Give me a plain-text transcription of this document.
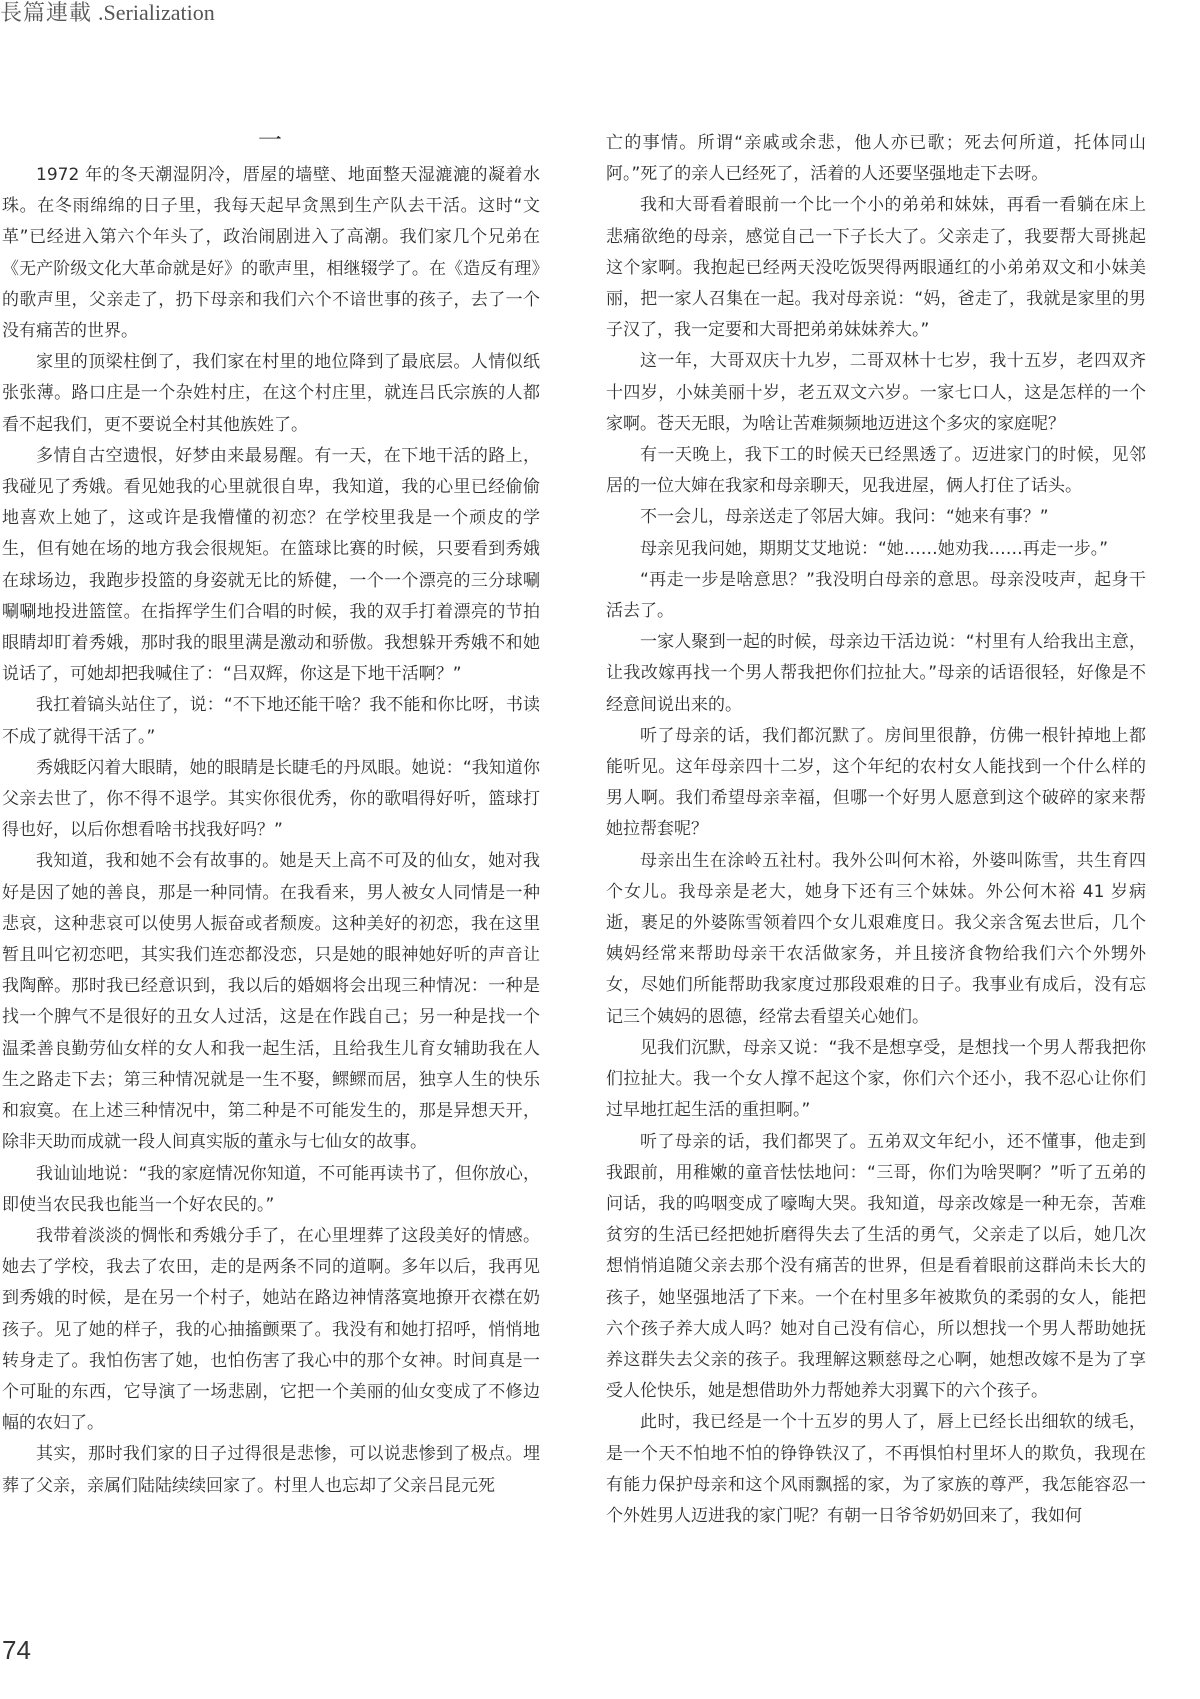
長篇連載 .Serialization
一

1972 年的冬天潮湿阴冷，厝屋的墙壁、地面整天湿漉漉的凝着水珠。在冬雨绵绵的日子里，我每天起早贪黑到生产队去干活。这时“文革”已经进入第六个年头了，政治闹剧进入了高潮。我们家几个兄弟在《无产阶级文化大革命就是好》的歌声里，相继辍学了。在《造反有理》的歌声里，父亲走了，扔下母亲和我们六个不谙世事的孩子，去了一个没有痛苦的世界。

家里的顶梁柱倒了，我们家在村里的地位降到了最底层。人情似纸张张薄。路口庄是一个杂姓村庄，在这个村庄里，就连吕氏宗族的人都看不起我们，更不要说全村其他族姓了。

多情自古空遗恨，好梦由来最易醒。有一天，在下地干活的路上，我碰见了秀娥。看见她我的心里就很自卑，我知道，我的心里已经偷偷地喜欢上她了，这或许是我懵懂的初恋？在学校里我是一个顽皮的学生，但有她在场的地方我会很规矩。在篮球比赛的时候，只要看到秀娥在球场边，我跑步投篮的身姿就无比的矫健，一个一个漂亮的三分球唰唰唰地投进篮筐。在指挥学生们合唱的时候，我的双手打着漂亮的节拍眼睛却盯着秀娥，那时我的眼里满是激动和骄傲。我想躲开秀娥不和她说话了，可她却把我喊住了：“吕双辉，你这是下地干活啊？”

我扛着镐头站住了，说：“不下地还能干啥？我不能和你比呀，书读不成了就得干活了。”

秀娥眨闪着大眼睛，她的眼睛是长睫毛的丹凤眼。她说：“我知道你父亲去世了，你不得不退学。其实你很优秀，你的歌唱得好听，篮球打得也好，以后你想看啥书找我好吗？”

我知道，我和她不会有故事的。她是天上高不可及的仙女，她对我好是因了她的善良，那是一种同情。在我看来，男人被女人同情是一种悲哀，这种悲哀可以使男人振奋或者颓废。这种美好的初恋，我在这里暂且叫它初恋吧，其实我们连恋都没恋，只是她的眼神她好听的声音让我陶醉。那时我已经意识到，我以后的婚姻将会出现三种情况：一种是找一个脾气不是很好的丑女人过活，这是在作践自己；另一种是找一个温柔善良勤劳仙女样的女人和我一起生活，且给我生儿育女辅助我在人生之路走下去；第三种情况就是一生不娶，鳏鳏而居，独享人生的快乐和寂寞。在上述三种情况中，第二种是不可能发生的，那是异想天开，除非天助而成就一段人间真实版的董永与七仙女的故事。

我讪讪地说：“我的家庭情况你知道，不可能再读书了，但你放心，即使当农民我也能当一个好农民的。”

我带着淡淡的惆怅和秀娥分手了，在心里埋葬了这段美好的情感。她去了学校，我去了农田，走的是两条不同的道啊。多年以后，我再见到秀娥的时候，是在另一个村子，她站在路边神情落寞地撩开衣襟在奶孩子。见了她的样子，我的心抽搐颤栗了。我没有和她打招呼，悄悄地转身走了。我怕伤害了她，也怕伤害了我心中的那个女神。时间真是一个可耻的东西，它导演了一场悲剧，它把一个美丽的仙女变成了不修边幅的农妇了。

其实，那时我们家的日子过得很是悲惨，可以说悲惨到了极点。埋葬了父亲，亲属们陆陆续续回家了。村里人也忘却了父亲吕昆元死

亡的事情。所谓“亲戚或余悲，他人亦已歌；死去何所道，托体同山阿。”死了的亲人已经死了，活着的人还要坚强地走下去呀。

我和大哥看着眼前一个比一个小的弟弟和妹妹，再看一看躺在床上悲痛欲绝的母亲，感觉自己一下子长大了。父亲走了，我要帮大哥挑起这个家啊。我抱起已经两天没吃饭哭得两眼通红的小弟弟双文和小妹美丽，把一家人召集在一起。我对母亲说：“妈，爸走了，我就是家里的男子汉了，我一定要和大哥把弟弟妹妹养大。”

这一年，大哥双庆十九岁，二哥双林十七岁，我十五岁，老四双齐十四岁，小妹美丽十岁，老五双文六岁。一家七口人，这是怎样的一个家啊。苍天无眼，为啥让苦难频频地迈进这个多灾的家庭呢？

有一天晚上，我下工的时候天已经黑透了。迈进家门的时候，见邻居的一位大婶在我家和母亲聊天，见我进屋，俩人打住了话头。

不一会儿，母亲送走了邻居大婶。我问：“她来有事？”

母亲见我问她，期期艾艾地说：“她……她劝我……再走一步。”

“再走一步是啥意思？”我没明白母亲的意思。母亲没吱声，起身干活去了。

一家人聚到一起的时候，母亲边干活边说：“村里有人给我出主意，让我改嫁再找一个男人帮我把你们拉扯大。”母亲的话语很轻，好像是不经意间说出来的。

听了母亲的话，我们都沉默了。房间里很静，仿佛一根针掉地上都能听见。这年母亲四十二岁，这个年纪的农村女人能找到一个什么样的男人啊。我们希望母亲幸福，但哪一个好男人愿意到这个破碎的家来帮她拉帮套呢？

母亲出生在涂岭五社村。我外公叫何木裕，外婆叫陈雪，共生育四个女儿。我母亲是老大，她身下还有三个妹妹。外公何木裕 41 岁病逝，裹足的外婆陈雪领着四个女儿艰难度日。我父亲含冤去世后，几个姨妈经常来帮助母亲干农活做家务，并且接济食物给我们六个外甥外女，尽她们所能帮助我家度过那段艰难的日子。我事业有成后，没有忘记三个姨妈的恩德，经常去看望关心她们。

见我们沉默，母亲又说：“我不是想享受，是想找一个男人帮我把你们拉扯大。我一个女人撑不起这个家，你们六个还小，我不忍心让你们过早地扛起生活的重担啊。”

听了母亲的话，我们都哭了。五弟双文年纪小，还不懂事，他走到我跟前，用稚嫩的童音怯怯地问：“三哥，你们为啥哭啊？”听了五弟的问话，我的呜咽变成了嚎啕大哭。我知道，母亲改嫁是一种无奈，苦难贫穷的生活已经把她折磨得失去了生活的勇气，父亲走了以后，她几次想悄悄追随父亲去那个没有痛苦的世界，但是看着眼前这群尚未长大的孩子，她坚强地活了下来。一个在村里多年被欺负的柔弱的女人，能把六个孩子养大成人吗？她对自己没有信心，所以想找一个男人帮助她抚养这群失去父亲的孩子。我理解这颗慈母之心啊，她想改嫁不是为了享受人伦快乐，她是想借助外力帮她养大羽翼下的六个孩子。

此时，我已经是一个十五岁的男人了，唇上已经长出细软的绒毛，是一个天不怕地不怕的铮铮铁汉了，不再惧怕村里坏人的欺负，我现在有能力保护母亲和这个风雨飘摇的家，为了家族的尊严，我怎能容忍一个外姓男人迈进我的家门呢？有朝一日爷爷奶奶回来了，我如何

74
